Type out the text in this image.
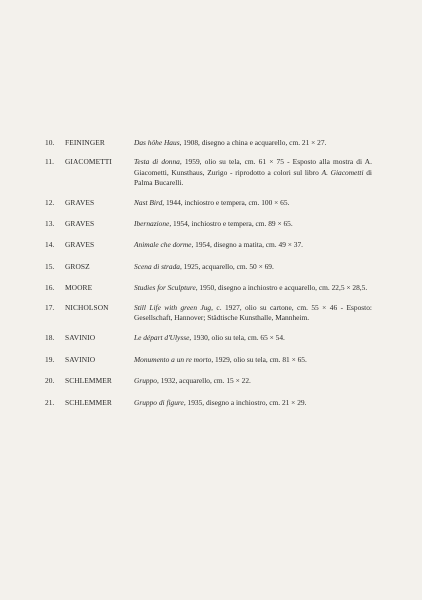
10.	FEININGER	Das höhe Haus, 1908, disegno a china e acquarello, cm. 21 × 27.
11.	GIACOMETTI	Testa di donna, 1959, olio su tela, cm. 61 × 75 - Esposto alla mostra di A. Giacometti, Kunsthaus, Zurigo - riprodotto a colori sul libro A. Giacometti di Palma Bucarelli.
12.	GRAVES	Nast Bird, 1944, inchiostro e tempera, cm. 100 × 65.
13.	GRAVES	Ibernazione, 1954, inchiostro e tempera, cm. 89 × 65.
14.	GRAVES	Animale che dorme, 1954, disegno a matita, cm. 49 × 37.
15.	GROSZ	Scena di strada, 1925, acquarello, cm. 50 × 69.
16.	MOORE	Studies for Sculpture, 1950, disegno a inchiostro e acquarello, cm. 22,5 × 28,5.
17.	NICHOLSON	Still Life with green Jug, c. 1927, olio su cartone, cm. 55 × 46 - Esposto: Gesellschaft, Hannover; Städtische Kunsthalle, Mannheim.
18.	SAVINIO	Le départ d'Ulysse, 1930, olio su tela, cm. 65 × 54.
19.	SAVINIO	Monumento a un re morto, 1929, olio su tela, cm. 81 × 65.
20.	SCHLEMMER	Gruppo, 1932, acquarello, cm. 15 × 22.
21.	SCHLEMMER	Gruppo di figure, 1935, disegno a inchiostro, cm. 21 × 29.
